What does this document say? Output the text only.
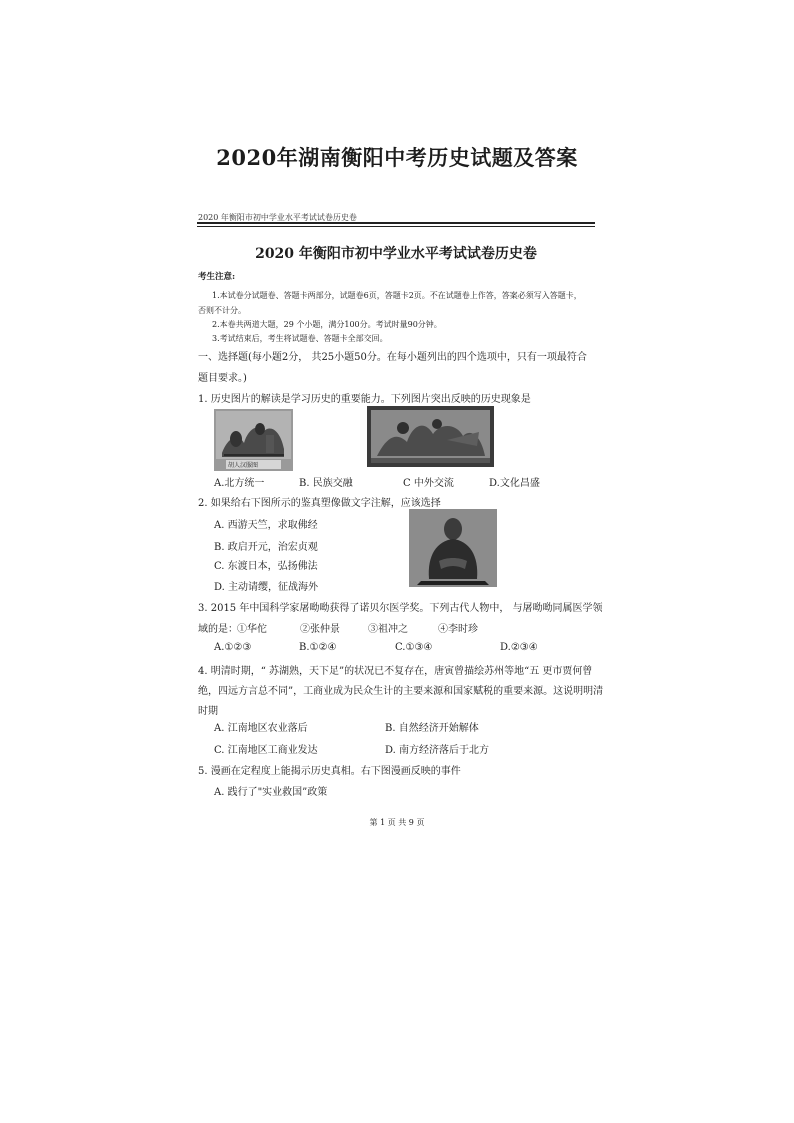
2020年湖南衡阳中考历史试题及答案
2020 年衡阳市初中学业水平考试试卷历史卷
2020 年衡阳市初中学业水平考试试卷历史卷
考生注意:
1.本试卷分试题卷、答题卡两部分，试题卷6页，答题卡2页。不在试题卷上作答，答案必须写入答题卡，
否则不计分。
2.本卷共两道大题，29 个小题，满分100分。考试时量90分钟。
3.考试结束后，考生将试题卷、答题卡全部交回。
一、选择题(每小题2分， 共25小题50分。在每小题列出的四个选项中，只有一项最符合
题目要求。)
1. 历史图片的解读是学习历史的重要能力。下列图片突出反映的历史现象是
胡人汉服图
A.北方统一	B. 民族交融	C 中外交流	D.文化昌盛
2. 如果给右下图所示的鉴真塑像做文字注解，应该选择
A. 西游天竺，求取佛经
B. 政启开元，治宏贞观
C. 东渡日本，弘扬佛法
D. 主动请缨，征战海外
3. 2015 年中国科学家屠呦呦获得了诺贝尔医学奖。下列古代人物中， 与屠呦呦同属医学领
域的是： ①华佗	②张仲景	③祖冲之	④李时珍
A.①②③	B.①②④	C.①③④	D.②③④
4. 明清时期，“ 苏湖熟，天下足”的状况已不复存在，唐寅曾描绘苏州等地“五 更市贾何曾
绝，四远方言总不同”，工商业成为民众生计的主要来源和国家赋税的重要来源。这说明明清
时期
A. 江南地区农业落后	B. 自然经济开始解体
C. 江南地区工商业发达	D. 南方经济落后于北方
5. 漫画在定程度上能揭示历史真相。右下图漫画反映的事件
A. 践行了"实业救国”政策
第 1 页 共 9 页
